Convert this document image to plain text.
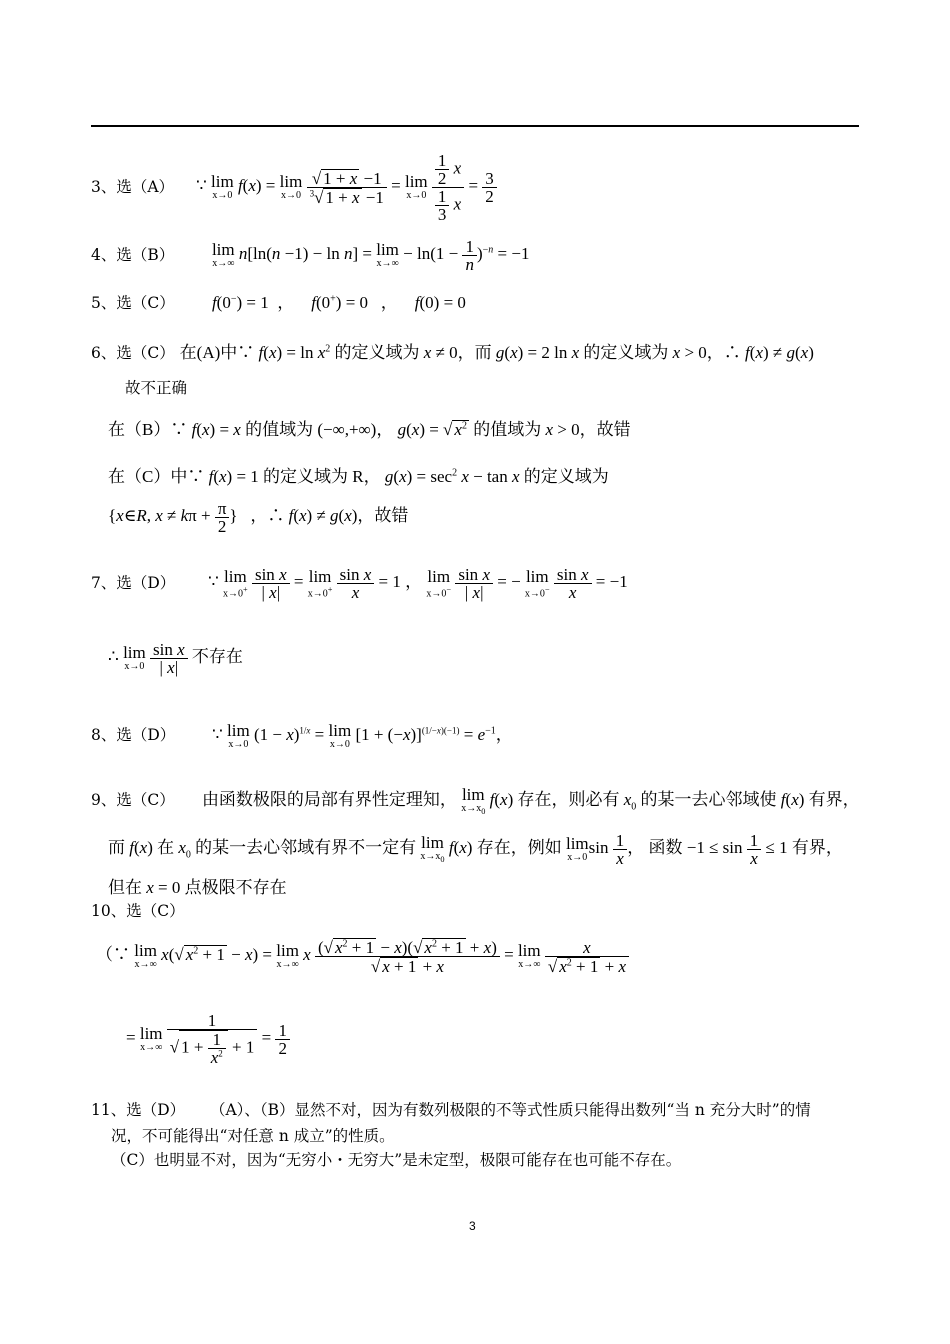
3、选（A） ∵ lim
x→0
f(x) = lim
x→0
$\frac{√ 1 + x -1}{^3√ 1 + x -1} = \lim$
x→0
$\frac{\frac{1}{2} x}{\frac{1}{3} x} = \frac{3}{2}$
4、选（B） lim
x→∞
n[ln(n −1) − ln n] = lim
x→∞
− $\ln(1 - \frac{1}{n} )^{-n} = -1$
5、选（C） f(0−) = 1  ，    f(0+) = 0   ，    f(0) = 0
6、选（C） 在(A)中∵ $f(x) = \ln x^2$ 的定义域为 x ≠ 0，而 g(x) = 2 ln x 的定义域为 x > 0，∴ f(x) ≠ g(x)
故不正确
在（B）∵ f(x) = x 的值域为 (−∞,+∞)， g(x) = √ $x^2$ 的值域为 x > 0，故错
在（C）中∵ f(x) = 1 的定义域为 R， $g(x) = \sec^2 x - \tan x$ 的定义域为
{x∈R, $x \ne k\pi + \frac{\pi}{2}$ }   ，∴ f(x) ≠ g(x)，故错
7、选（D） ∵ lim
x→0+
$\frac{\text{sin x}}{| x|} = \lim$
x→0+
$\frac{\text{sin x}}{x} = 1$ ， lim
x→0−
$\frac{\text{sin x}}{| x|}$ = − lim
x→0−
$\frac{\text{sin x}}{x} = -1$
∴ lim
x→0
$\frac{\text{sin x}}{| x|}$ 不存在
8、选（D） ∵ lim
x→0
$(1 - x)^{1/x} = \lim$
x→0
$[1 + (-x)]^{(1/-x)(-1)} = e^{-1}$，
9、选（C） 由函数极限的局部有界性定理知， lim
$x\to x_0$
f(x) 存在，则必有 $x_0$ 的某一去心邻域使 f(x) 有界，
而 f(x) 在 $x_0$ 的某一去心邻域有界不一定有 lim
$x\to x_0$
f(x) 存在，例如 lim
x→0
$\sin \frac{1}{x}$ ， 函数 $-1 \le \sin \frac{1}{x} \le 1$ 有界，
但在 x = 0 点极限不存在
10、选（C）
（∵ lim
x→∞
x(√ $x^2 + 1 - x) = \lim$
x→∞
x $\frac{(√ x^2 + 1 - x)(√ x^2 + 1 + x)}{√ x + 1 + x} = \lim$
x→∞
$\frac{x}{√ x^2 + 1 + x}$
= lim
x→∞
$\frac{1}{√ 1 + \frac{1}{x^2} + 1} = \frac{1}{2}$
11、选（D） （A）、（B）显然不对，因为有数列极限的不等式性质只能得出数列“当 n 充分大时”的情
况，不可能得出“对任意 n 成立”的性质。
（C）也明显不对，因为“无穷小・无穷大”是未定型，极限可能存在也可能不存在。
3
